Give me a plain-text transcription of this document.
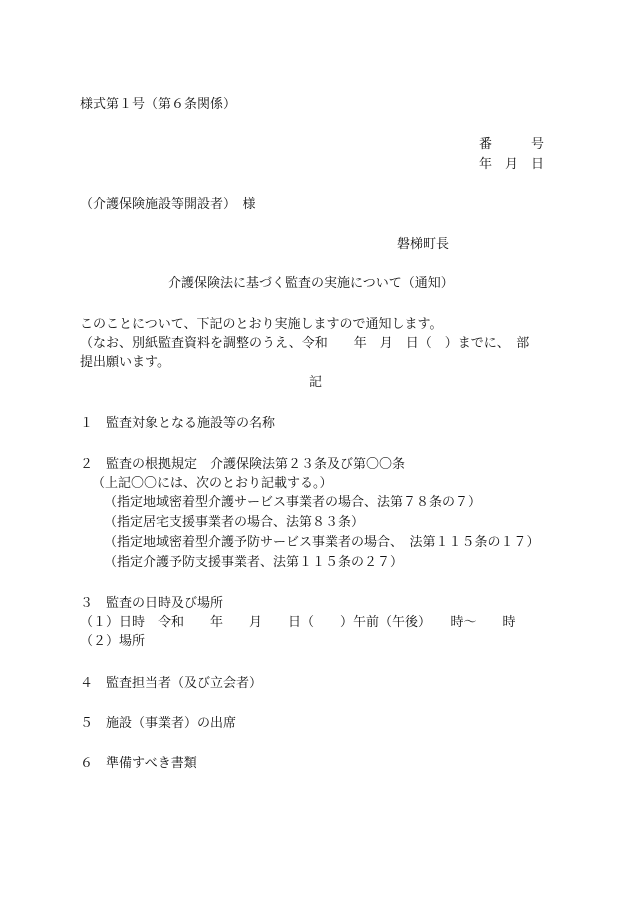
様式第１号（第６条関係）
番　　　号
年　月　日
（介護保険施設等開設者）　様
磐梯町長
介護保険法に基づく監査の実施について（通知）
このことについて、下記のとおり実施しますので通知します。
（なお、別紙監査資料を調整のうえ、令和　　年　月　日（　）までに、　部
提出願います。
記
１　監査対象となる施設等の名称
２　監査の根拠規定　介護保険法第２３条及び第〇〇条
（上記〇〇には、次のとおり記載する。）
（指定地域密着型介護サービス事業者の場合、法第７８条の７）
（指定居宅支援事業者の場合、法第８３条）
（指定地域密着型介護予防サービス事業者の場合、　法第１１５条の１７）
（指定介護予防支援事業者、法第１１５条の２７）
３　監査の日時及び場所
（１）日時　令和　　年　　月　　日（　　）午前（午後）　　時～　　時
（２）場所
４　監査担当者（及び立会者）
５　施設（事業者）の出席
６　準備すべき書類
